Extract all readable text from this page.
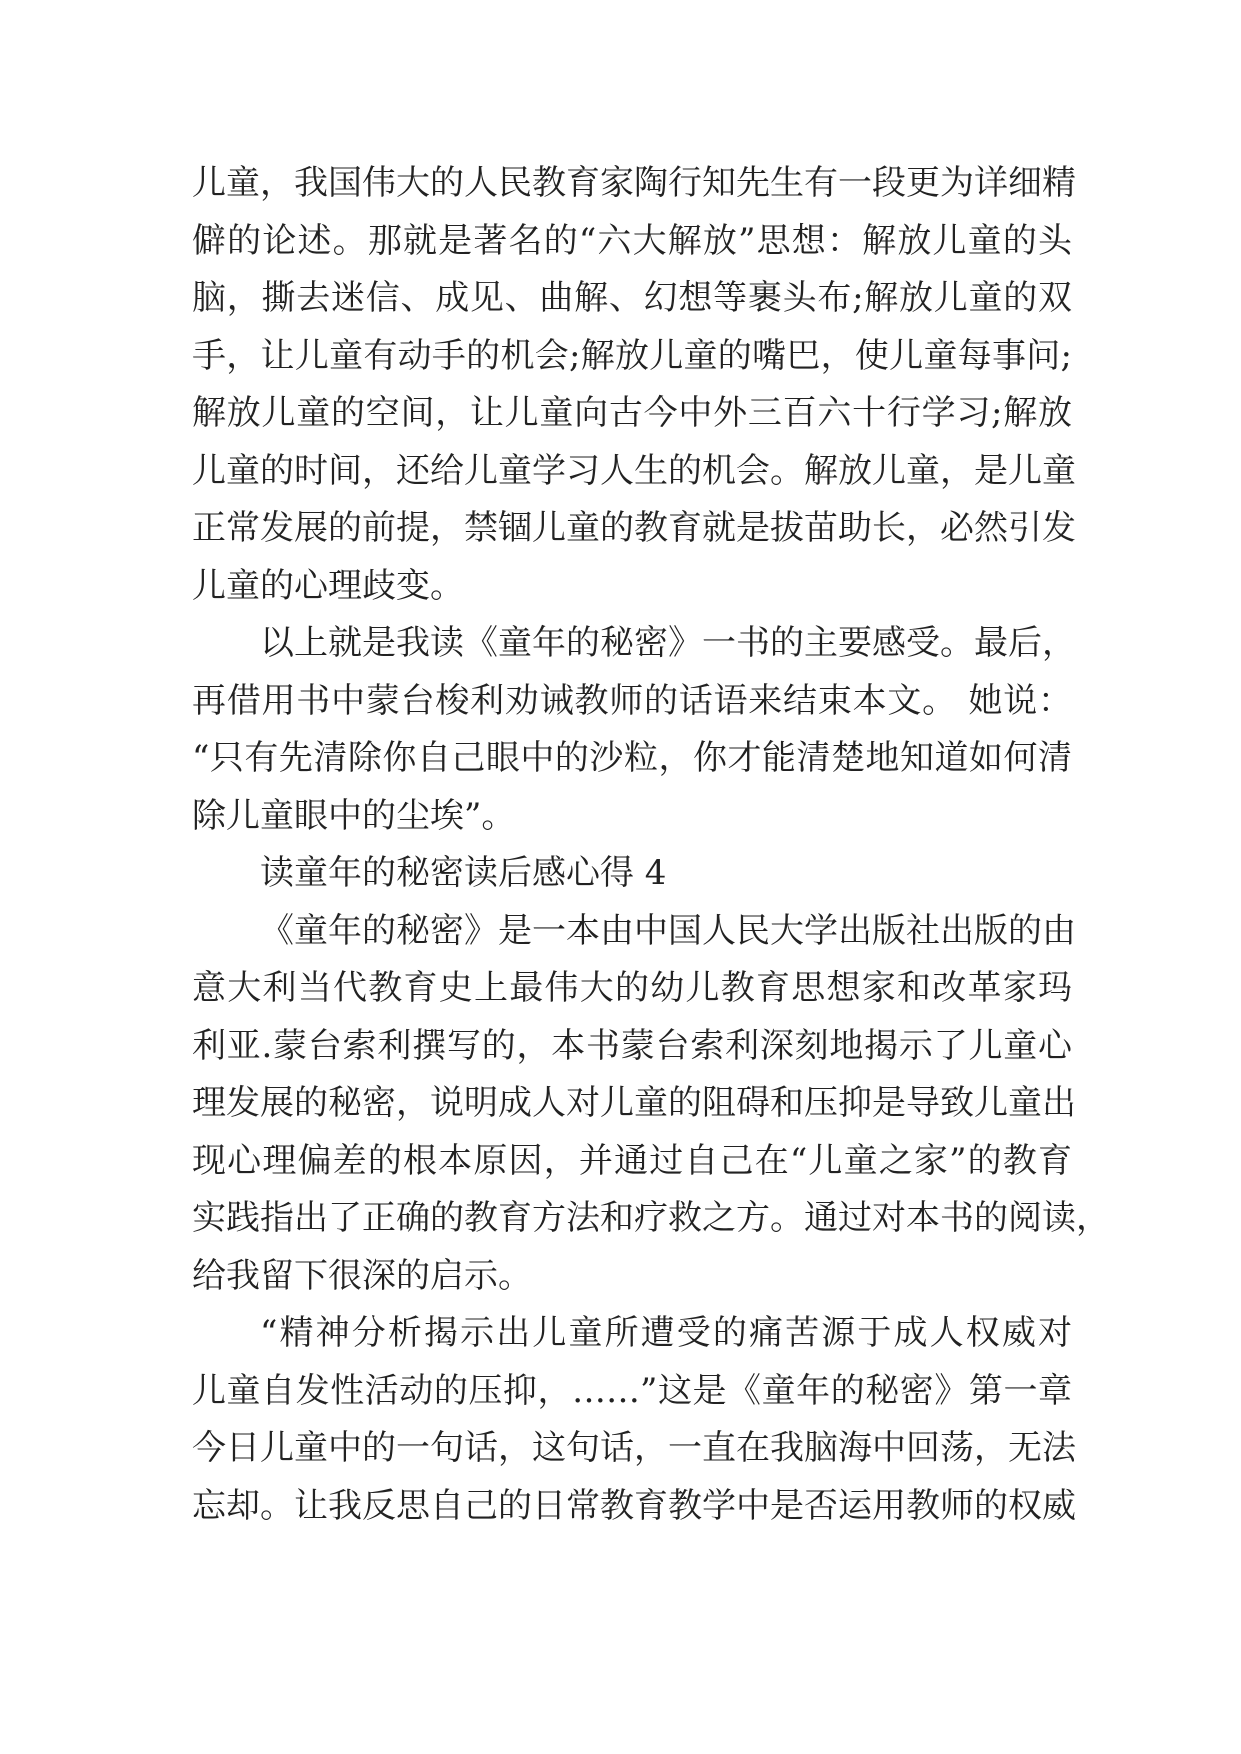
儿童，我国伟大的人民教育家陶行知先生有一段更为详细精
僻的论述。那就是著名的“六大解放”思想：解放儿童的头
脑，撕去迷信、成见、曲解、幻想等裹头布;解放儿童的双
手，让儿童有动手的机会;解放儿童的嘴巴，使儿童每事问;
解放儿童的空间，让儿童向古今中外三百六十行学习;解放
儿童的时间，还给儿童学习人生的机会。解放儿童，是儿童
正常发展的前提，禁锢儿童的教育就是拔苗助长，必然引发
儿童的心理歧变。
以上就是我读《童年的秘密》一书的主要感受。最后，
再借用书中蒙台梭利劝诫教师的话语来结束本文。 她说：
“只有先清除你自己眼中的沙粒，你才能清楚地知道如何清
除儿童眼中的尘埃”。
读童年的秘密读后感心得 4
《童年的秘密》是一本由中国人民大学出版社出版的由
意大利当代教育史上最伟大的幼儿教育思想家和改革家玛
利亚.蒙台索利撰写的，本书蒙台索利深刻地揭示了儿童心
理发展的秘密，说明成人对儿童的阻碍和压抑是导致儿童出
现心理偏差的根本原因，并通过自己在“儿童之家”的教育
实践指出了正确的教育方法和疗救之方。通过对本书的阅读，
给我留下很深的启示。
“精神分析揭示出儿童所遭受的痛苦源于成人权威对
儿童自发性活动的压抑，……”这是《童年的秘密》第一章
今日儿童中的一句话，这句话，一直在我脑海中回荡，无法
忘却。让我反思自己的日常教育教学中是否运用教师的权威
